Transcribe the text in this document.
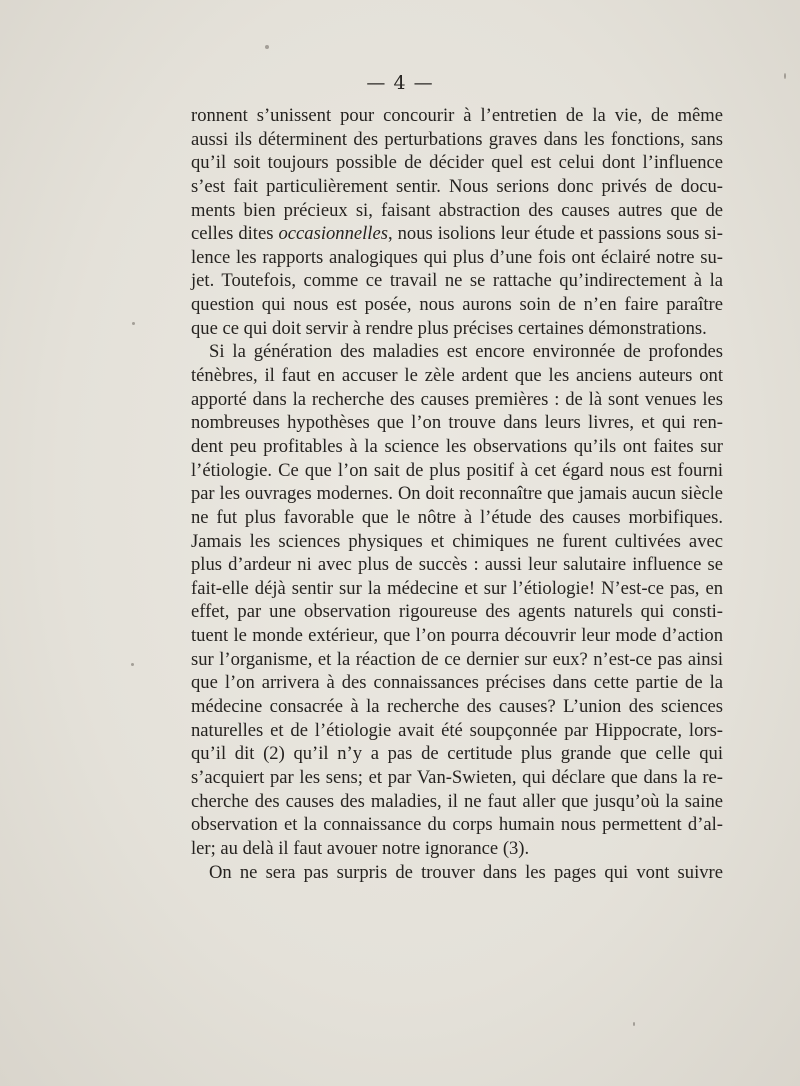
— 4 —
ronnent s’unissent pour concourir à l’entretien de la vie, de même
aussi ils déterminent des perturbations graves dans les fonctions, sans
qu’il soit toujours possible de décider quel est celui dont l’influence
s’est fait particulièrement sentir. Nous serions donc privés de docu-
ments bien précieux si, faisant abstraction des causes autres que de
celles dites occasionnelles, nous isolions leur étude et passions sous si-
lence les rapports analogiques qui plus d’une fois ont éclairé notre su-
jet. Toutefois, comme ce travail ne se rattache qu’indirectement à la
question qui nous est posée, nous aurons soin de n’en faire paraître
que ce qui doit servir à rendre plus précises certaines démonstrations.
Si la génération des maladies est encore environnée de profondes
ténèbres, il faut en accuser le zèle ardent que les anciens auteurs ont
apporté dans la recherche des causes premières : de là sont venues les
nombreuses hypothèses que l’on trouve dans leurs livres, et qui ren-
dent peu profitables à la science les observations qu’ils ont faites sur
l’étiologie. Ce que l’on sait de plus positif à cet égard nous est fourni
par les ouvrages modernes. On doit reconnaître que jamais aucun siècle
ne fut plus favorable que le nôtre à l’étude des causes morbifiques.
Jamais les sciences physiques et chimiques ne furent cultivées avec
plus d’ardeur ni avec plus de succès : aussi leur salutaire influence se
fait-elle déjà sentir sur la médecine et sur l’étiologie! N’est-ce pas, en
effet, par une observation rigoureuse des agents naturels qui consti-
tuent le monde extérieur, que l’on pourra découvrir leur mode d’action
sur l’organisme, et la réaction de ce dernier sur eux? n’est-ce pas ainsi
que l’on arrivera à des connaissances précises dans cette partie de la
médecine consacrée à la recherche des causes? L’union des sciences
naturelles et de l’étiologie avait été soupçonnée par Hippocrate, lors-
qu’il dit (2) qu’il n’y a pas de certitude plus grande que celle qui
s’acquiert par les sens; et par Van-Swieten, qui déclare que dans la re-
cherche des causes des maladies, il ne faut aller que jusqu’où la saine
observation et la connaissance du corps humain nous permettent d’al-
ler; au delà il faut avouer notre ignorance (3).
On ne sera pas surpris de trouver dans les pages qui vont suivre
